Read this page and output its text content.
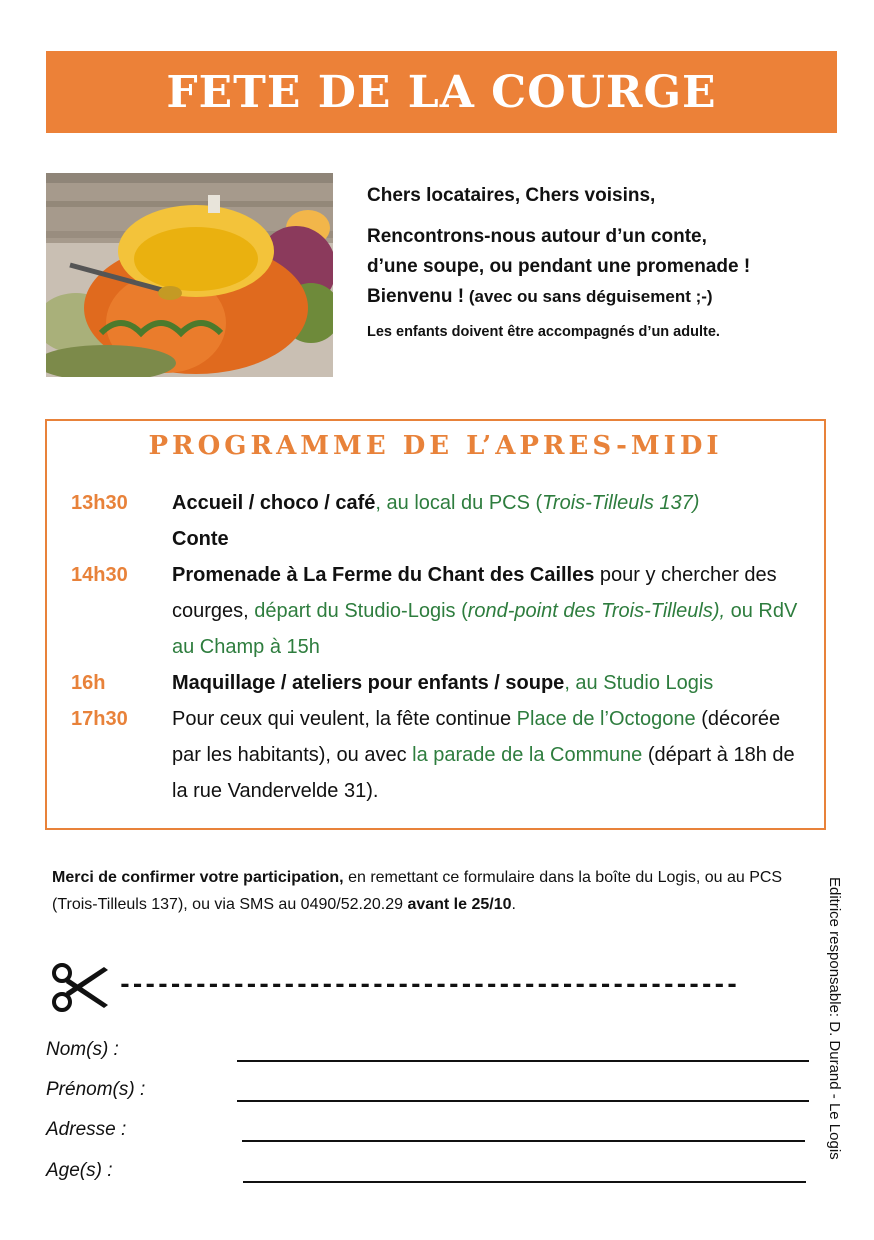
FETE DE LA COURGE

Chers locataires, Chers voisins,

Rencontrons-nous autour d’un conte,
d’une soupe, ou pendant une promenade !
Bienvenu ! (avec ou sans déguisement ;-)

Les enfants doivent être accompagnés d’un adulte.

PROGRAMME DE L’APRES-MIDI
13h30	Accueil / choco / café, au local du PCS (Trois-Tilleuls 137)
Conte
14h30	Promenade à La Ferme du Chant des Cailles pour y chercher des courges, départ du Studio-Logis (rond-point des Trois-Tilleuls), ou RdV au Champ à 15h
16h	Maquillage / ateliers pour enfants / soupe, au Studio Logis
17h30	Pour ceux qui veulent, la fête continue Place de l’Octogone (décorée par les habitants), ou avec la parade de la Commune (départ à 18h de la rue Vandervelde 31).
Merci de confirmer votre participation, en remettant ce formulaire dans la boîte du Logis, ou au PCS (Trois-Tilleuls 137), ou via SMS au 0490/52.20.29 avant le 25/10.	Editrice responsable: D. Durand - Le Logis
-------------------------------------------------
Nom(s) :
Prénom(s) :
Adresse :
Age(s) :
